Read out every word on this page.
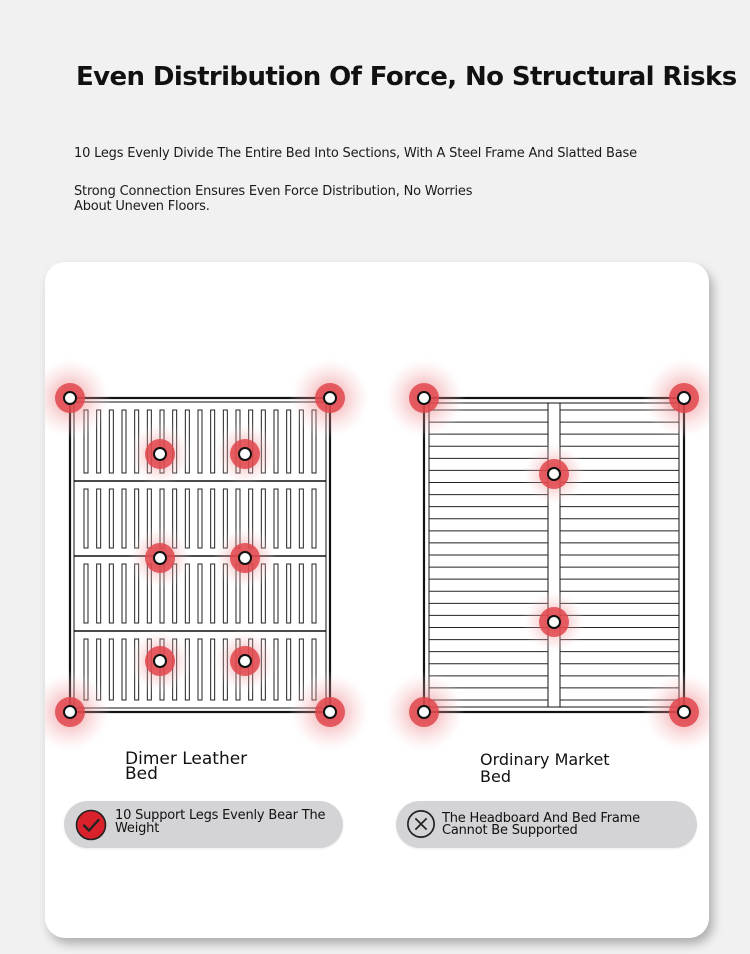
Even Distribution Of Force, No Structural Risks
10 Legs Evenly Divide The Entire Bed Into Sections, With A Steel Frame And Slatted Base
Strong Connection Ensures Even Force Distribution, No Worries About Uneven Floors.
Dimer Leather Bed
Ordinary Market Bed
10 Support Legs Evenly Bear The Weight
The Headboard And Bed Frame Cannot Be Supported
